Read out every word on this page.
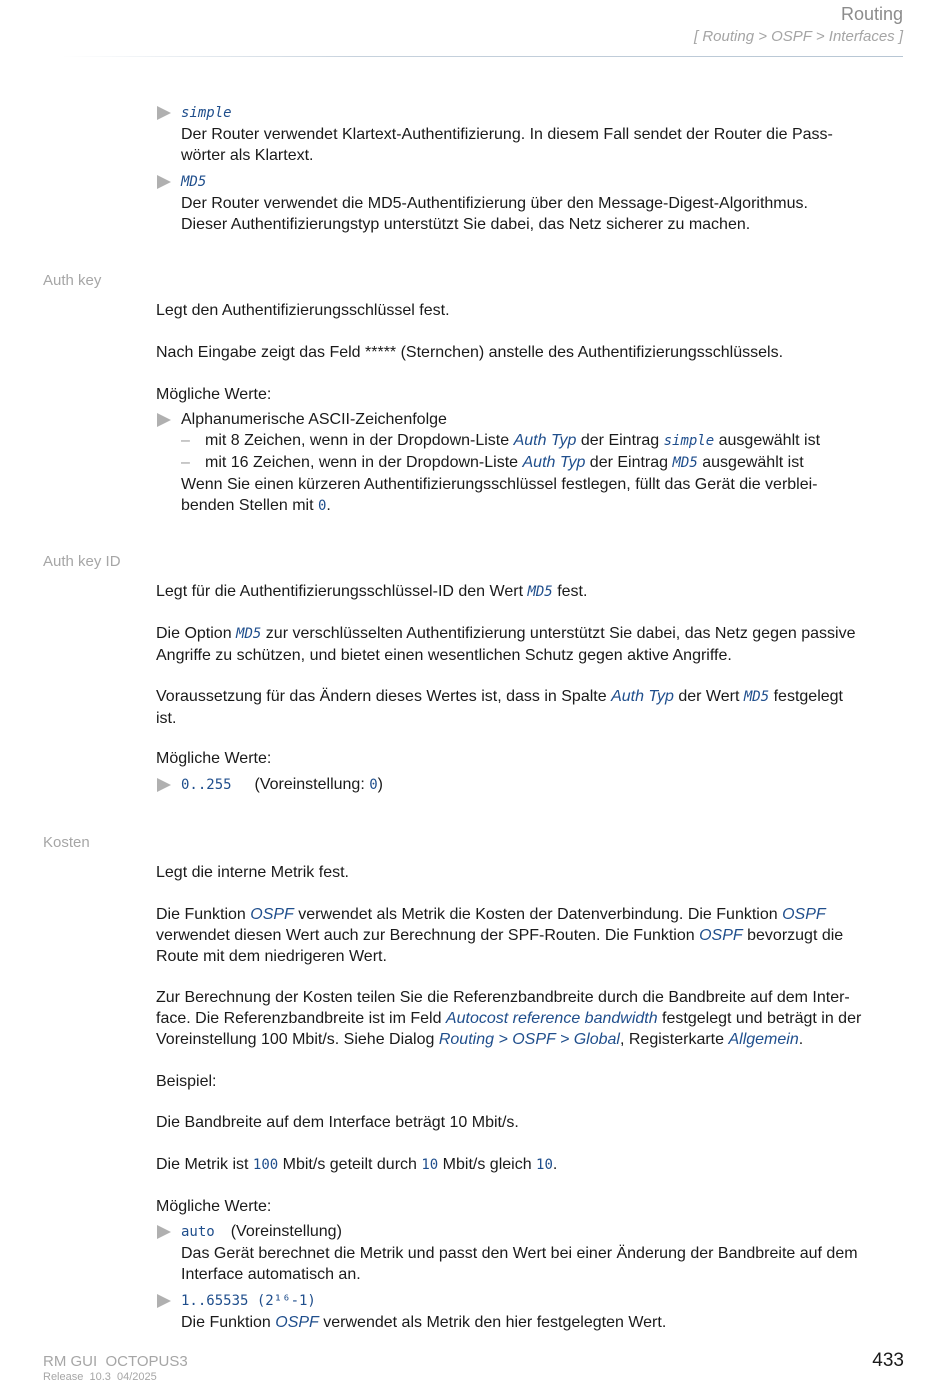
Routing
[ Routing > OSPF > Interfaces ]
simple
Der Router verwendet Klartext-Authentifizierung. In diesem Fall sendet der Router die Pass-
wörter als Klartext.
MD5
Der Router verwendet die MD5-Authentifizierung über den Message-Digest-Algorithmus.
Dieser Authentifizierungstyp unterstützt Sie dabei, das Netz sicherer zu machen.
Auth key
Legt den Authentifizierungsschlüssel fest.
Nach Eingabe zeigt das Feld ***** (Sternchen) anstelle des Authentifizierungsschlüssels.
Mögliche Werte:
Alphanumerische ASCII-Zeichenfolge
– mit 8 Zeichen, wenn in der Dropdown-Liste Auth Typ der Eintrag simple ausgewählt ist
– mit 16 Zeichen, wenn in der Dropdown-Liste Auth Typ der Eintrag MD5 ausgewählt ist
Wenn Sie einen kürzeren Authentifizierungsschlüssel festlegen, füllt das Gerät die verblei-
benden Stellen mit 0.
Auth key ID
Legt für die Authentifizierungsschlüssel-ID den Wert MD5 fest.
Die Option MD5 zur verschlüsselten Authentifizierung unterstützt Sie dabei, das Netz gegen passive
Angriffe zu schützen, und bietet einen wesentlichen Schutz gegen aktive Angriffe.
Voraussetzung für das Ändern dieses Wertes ist, dass in Spalte Auth Typ der Wert MD5 festgelegt
ist.
Mögliche Werte:
0..255 (Voreinstellung: 0)
Kosten
Legt die interne Metrik fest.
Die Funktion OSPF verwendet als Metrik die Kosten der Datenverbindung. Die Funktion OSPF
verwendet diesen Wert auch zur Berechnung der SPF-Routen. Die Funktion OSPF bevorzugt die
Route mit dem niedrigeren Wert.
Zur Berechnung der Kosten teilen Sie die Referenzbandbreite durch die Bandbreite auf dem Inter-
face. Die Referenzbandbreite ist im Feld Autocost reference bandwidth festgelegt und beträgt in der
Voreinstellung 100 Mbit/s. Siehe Dialog Routing > OSPF > Global, Registerkarte Allgemein.
Beispiel:
Die Bandbreite auf dem Interface beträgt 10 Mbit/s.
Die Metrik ist 100 Mbit/s geteilt durch 10 Mbit/s gleich 10.
Mögliche Werte:
auto (Voreinstellung)
Das Gerät berechnet die Metrik und passt den Wert bei einer Änderung der Bandbreite auf dem
Interface automatisch an.
1..65535 (2¹⁶-1)
Die Funktion OSPF verwendet als Metrik den hier festgelegten Wert.
RM GUI  OCTOPUS3
Release  10.3  04/2025
433
